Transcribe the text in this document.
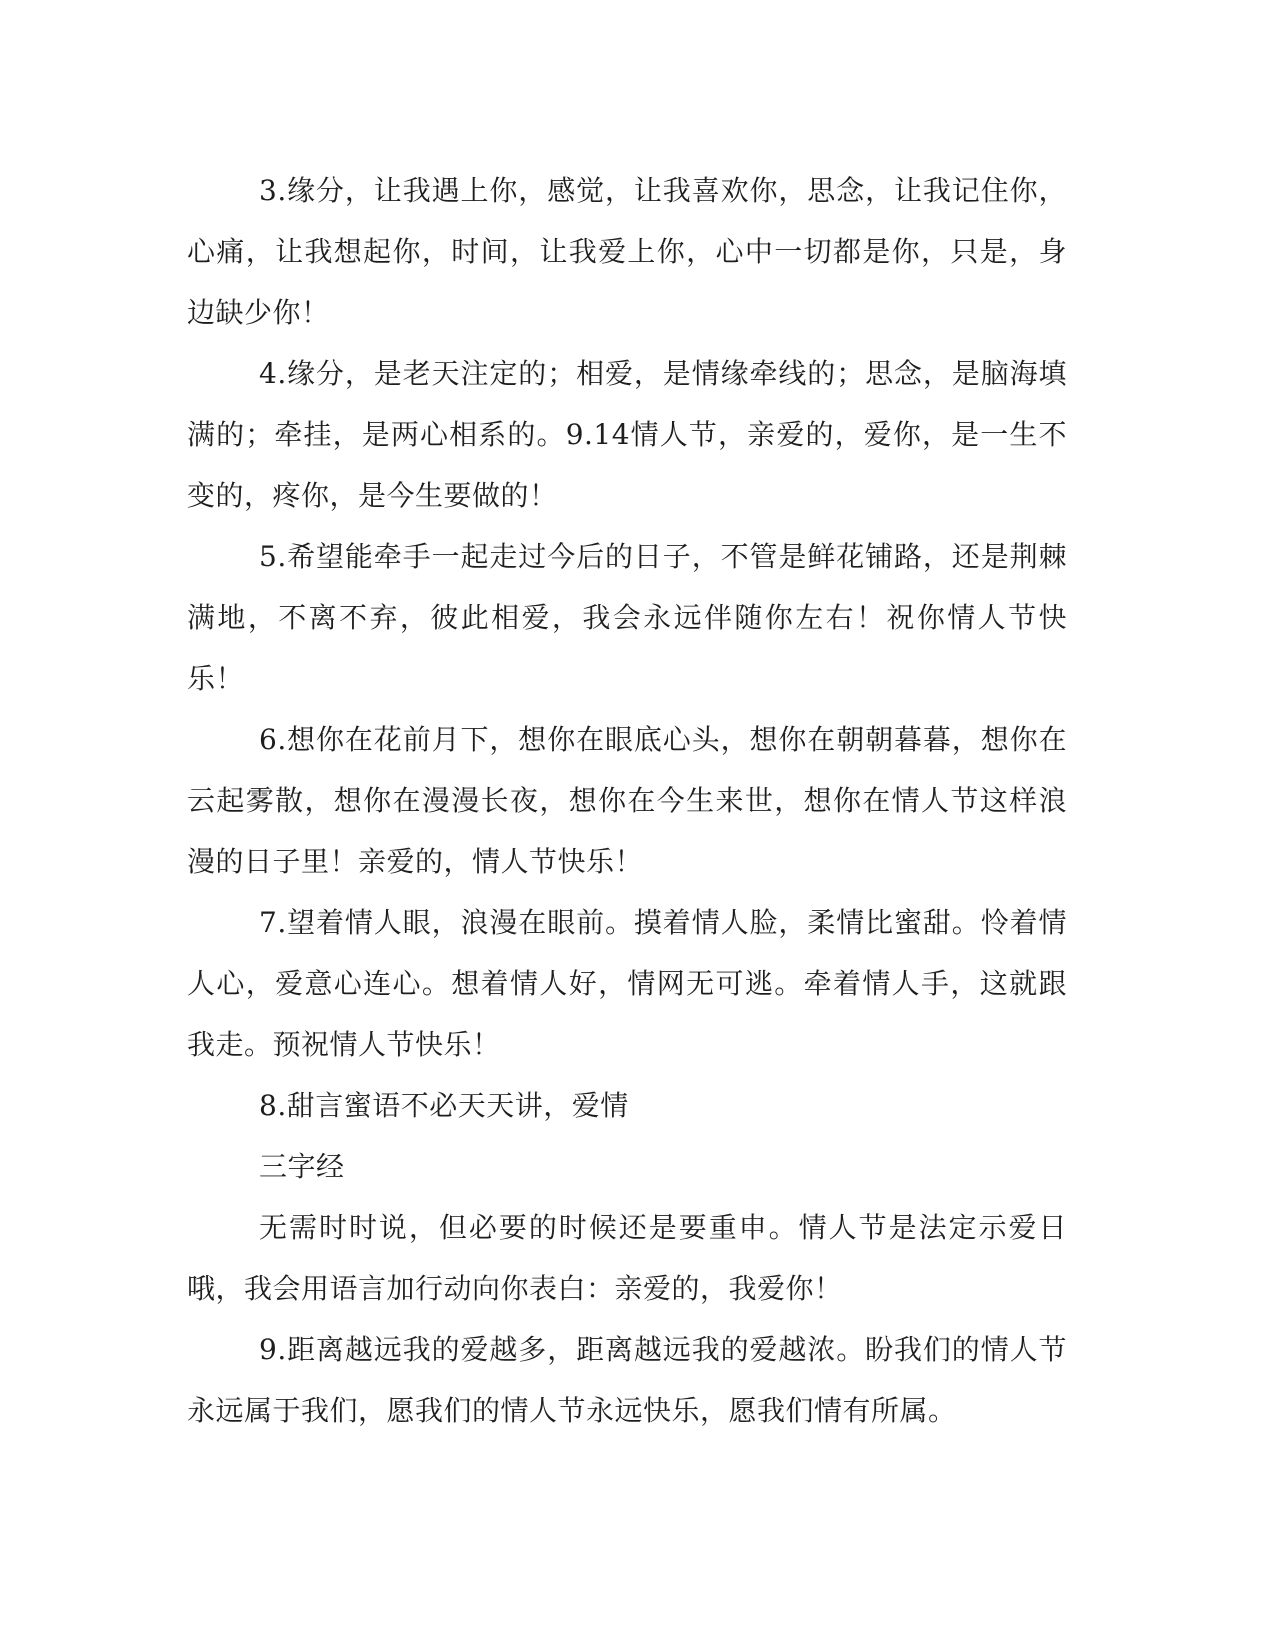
3.缘分，让我遇上你，感觉，让我喜欢你，思念，让我记住你，心痛，让我想起你，时间，让我爱上你，心中一切都是你，只是，身边缺少你！

4.缘分，是老天注定的；相爱，是情缘牵线的；思念，是脑海填满的；牵挂，是两心相系的。9.14情人节，亲爱的，爱你，是一生不变的，疼你，是今生要做的！

5.希望能牵手一起走过今后的日子，不管是鲜花铺路，还是荆棘满地，不离不弃，彼此相爱，我会永远伴随你左右！祝你情人节快乐！

6.想你在花前月下，想你在眼底心头，想你在朝朝暮暮，想你在云起雾散，想你在漫漫长夜，想你在今生来世，想你在情人节这样浪漫的日子里！亲爱的，情人节快乐！

7.望着情人眼，浪漫在眼前。摸着情人脸，柔情比蜜甜。怜着情人心，爱意心连心。想着情人好，情网无可逃。牵着情人手，这就跟我走。预祝情人节快乐！

8.甜言蜜语不必天天讲，爱情

三字经

无需时时说，但必要的时候还是要重申。情人节是法定示爱日哦，我会用语言加行动向你表白：亲爱的，我爱你！

9.距离越远我的爱越多，距离越远我的爱越浓。盼我们的情人节永远属于我们，愿我们的情人节永远快乐，愿我们情有所属。
